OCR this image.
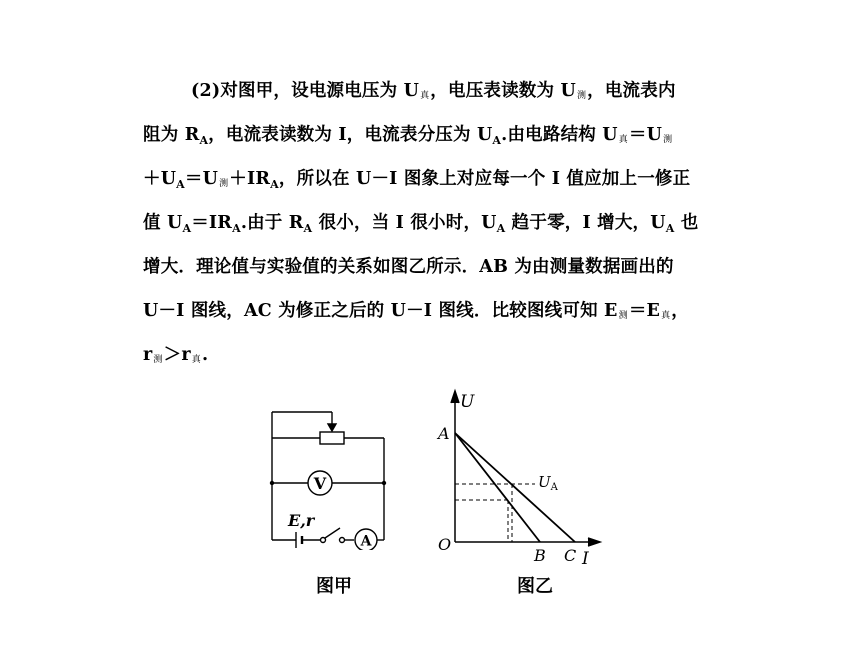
(2)对图甲，设电源电压为 U真，电压表读数为 U测，电流表内
阻为 $R_A$，电流表读数为 I，电流表分压为 $U_A$.由电路结构 U真＝U测
$+U_A=U$测$+IR_A$，所以在 U－I 图象上对应每一个 I 值应加上一修正
值 $U_A=IR_A$.由于 $R_A$ 很小，当 I 很小时，$U_A$ 趋于零，I 增大，$U_A$ 也
增大．理论值与实验值的关系如图乙所示．AB 为由测量数据画出的
U－I 图线，AC 为修正之后的 U－I 图线．比较图线可知 E测＝E真，
r测＞r真.
V
A
E,r
图甲
U
A
O
B C I
$U_A$
图乙
